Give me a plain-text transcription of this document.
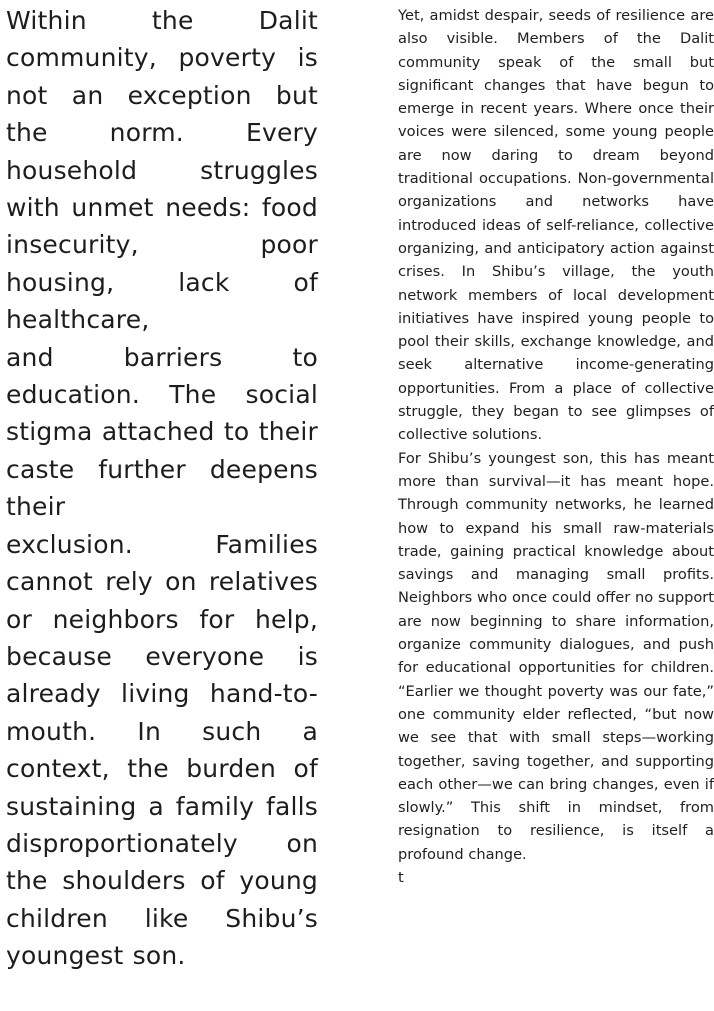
Within the Dalit community, poverty is not an exception but the norm. Every household struggles with unmet needs: food insecurity, poor housing, lack of healthcare,

and barriers to education. The social stigma attached to their caste further deepens their

exclusion. Families cannot rely on relatives or neighbors for help, because everyone is already living hand-to-mouth. In such a context, the burden of sustaining a family falls disproportionately on the shoulders of young children like Shibu’s youngest son.

Yet, amidst despair, seeds of resilience are also visible. Members of the Dalit community speak of the small but significant changes that have begun to emerge in recent years. Where once their voices were silenced, some young people are now daring to dream beyond traditional occupations. Non-governmental organizations and networks have introduced ideas of self-reliance, collective organizing, and anticipatory action against crises. In Shibu’s village, the youth network members of local development initiatives have inspired young people to pool their skills, exchange knowledge, and seek alternative income-generating opportunities. From a place of collective struggle, they began to see glimpses of collective solutions.

For Shibu’s youngest son, this has meant more than survival—it has meant hope. Through community networks, he learned how to expand his small raw-materials trade, gaining practical knowledge about savings and managing small profits. Neighbors who once could offer no support are now beginning to share information, organize community dialogues, and push for educational opportunities for children. “Earlier we thought poverty was our fate,” one community elder reflected, “but now we see that with small steps—working together, saving together, and supporting each other—we can bring changes, even if slowly.” This shift in mindset, from resignation to resilience, is itself a profound change.

t
